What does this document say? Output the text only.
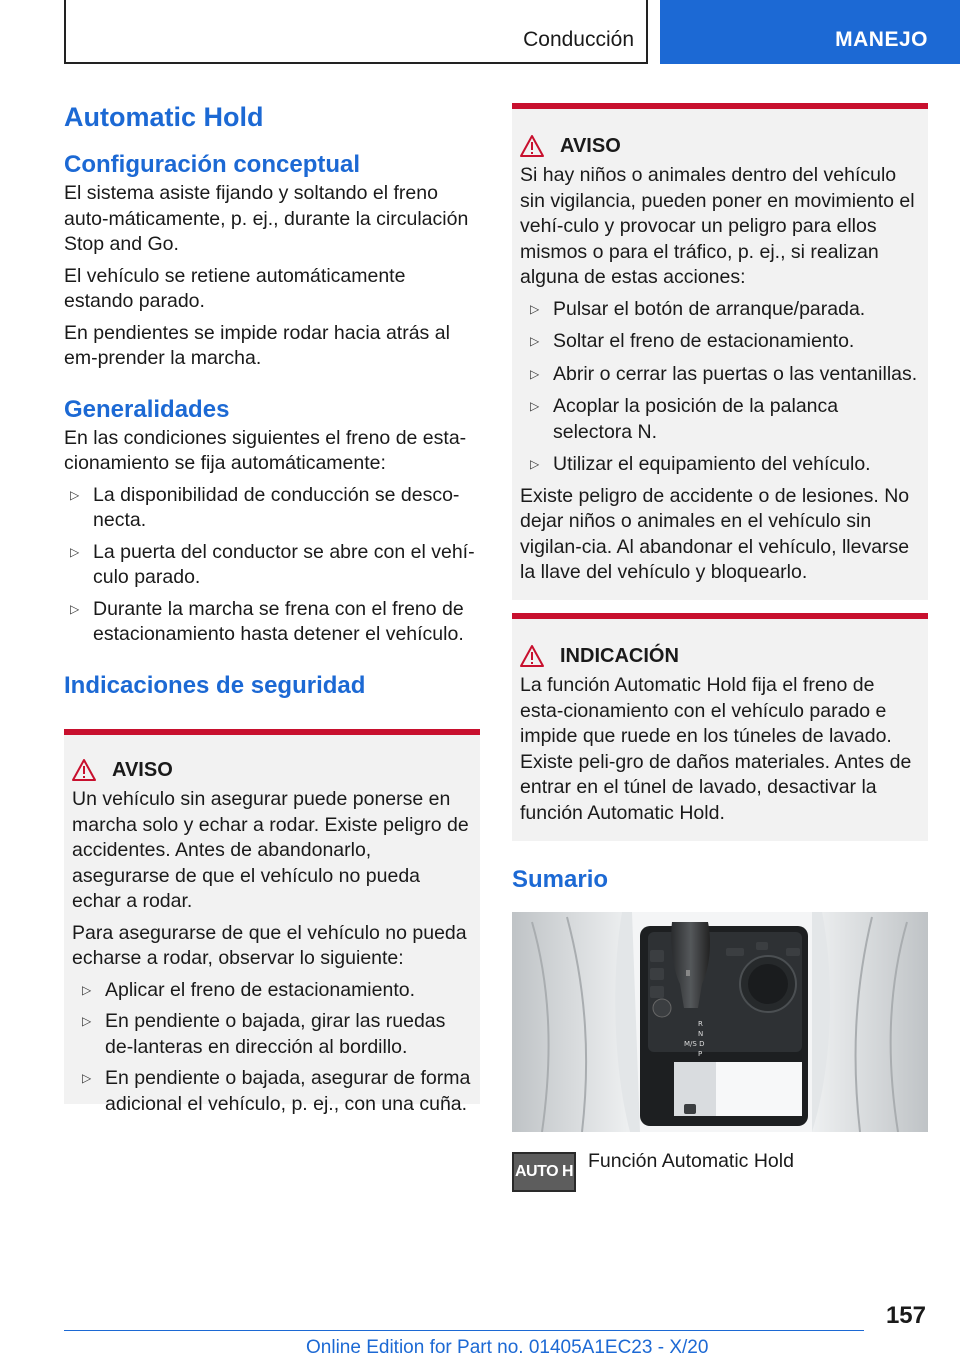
Conducción	MANEJO
Automatic Hold
Configuración conceptual

El sistema asiste fijando y soltando el freno auto-máticamente, p. ej., durante la circulación Stop and Go.

El vehículo se retiene automáticamente estando parado.

En pendientes se impide rodar hacia atrás al em-prender la marcha.

Generalidades

En las condiciones siguientes el freno de esta-cionamiento se fija automáticamente:

▷ La disponibilidad de conducción se desco-necta.
▷ La puerta del conductor se abre con el vehí-culo parado.
▷ Durante la marcha se frena con el freno de estacionamiento hasta detener el vehículo.
Indicaciones de seguridad
AVISO

Un vehículo sin asegurar puede ponerse en marcha solo y echar a rodar. Existe peligro de accidentes. Antes de abandonarlo, asegurarse de que el vehículo no pueda echar a rodar.

Para asegurarse de que el vehículo no pueda echarse a rodar, observar lo siguiente:

▷ Aplicar el freno de estacionamiento.
▷ En pendiente o bajada, girar las ruedas de-lanteras en dirección al bordillo.
▷ En pendiente o bajada, asegurar de forma adicional el vehículo, p. ej., con una cuña.
AVISO

Si hay niños o animales dentro del vehículo sin vigilancia, pueden poner en movimiento el vehí-culo y provocar un peligro para ellos mismos o para el tráfico, p. ej., si realizan alguna de estas acciones:

▷ Pulsar el botón de arranque/parada.
▷ Soltar el freno de estacionamiento.
▷ Abrir o cerrar las puertas o las ventanillas.
▷ Acoplar la posición de la palanca selectora N.
▷ Utilizar el equipamiento del vehículo.

Existe peligro de accidente o de lesiones. No dejar niños o animales en el vehículo sin vigilan-cia. Al abandonar el vehículo, llevarse la llave del vehículo y bloquearlo.

INDICACIÓN

La función Automatic Hold fija el freno de esta-cionamiento con el vehículo parado e impide que ruede en los túneles de lavado. Existe peli-gro de daños materiales. Antes de entrar en el túnel de lavado, desactivar la función Automatic Hold.

Sumario
R
N
M/S D
P
AUTO H Función Automatic Hold
157
Online Edition for Part no. 01405A1EC23 - X/20
